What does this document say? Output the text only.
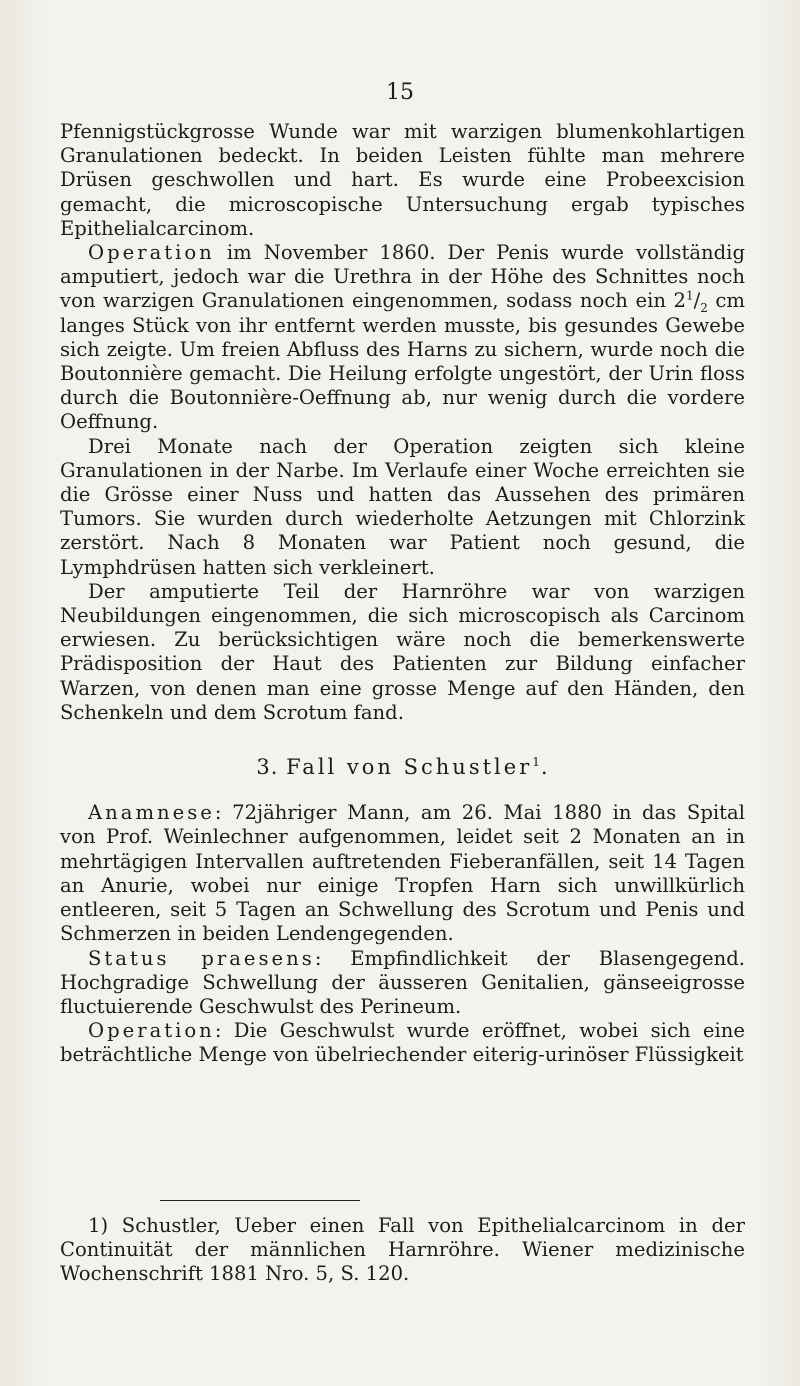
15

Pfennigstückgrosse Wunde war mit warzigen blumenkohlartigen Granulationen bedeckt. In beiden Leisten fühlte man mehrere Drüsen geschwollen und hart. Es wurde eine Probeexcision gemacht, die microscopische Untersuchung ergab typisches Epithelialcarcinom.

Operation im November 1860. Der Penis wurde vollständig amputiert, jedoch war die Urethra in der Höhe des Schnittes noch von warzigen Granulationen eingenommen, sodass noch ein $2^1/_2$ cm langes Stück von ihr entfernt werden musste, bis gesundes Gewebe sich zeigte. Um freien Abfluss des Harns zu sichern, wurde noch die Boutonnière gemacht. Die Heilung erfolgte ungestört, der Urin floss durch die Boutonnière-Oeffnung ab, nur wenig durch die vordere Oeffnung.

Drei Monate nach der Operation zeigten sich kleine Granulationen in der Narbe. Im Verlaufe einer Woche erreichten sie die Grösse einer Nuss und hatten das Aussehen des primären Tumors. Sie wurden durch wiederholte Aetzungen mit Chlorzink zerstört. Nach 8 Monaten war Patient noch gesund, die Lymphdrüsen hatten sich verkleinert.

Der amputierte Teil der Harnröhre war von warzigen Neubildungen eingenommen, die sich microscopisch als Carcinom erwiesen. Zu berücksichtigen wäre noch die bemerkenswerte Prädisposition der Haut des Patienten zur Bildung einfacher Warzen, von denen man eine grosse Menge auf den Händen, den Schenkeln und dem Scrotum fand.

3. Fall von Schustler$^1$.

Anamnese: 72jähriger Mann, am 26. Mai 1880 in das Spital von Prof. Weinlechner aufgenommen, leidet seit 2 Monaten an in mehrtägigen Intervallen auftretenden Fieberanfällen, seit 14 Tagen an Anurie, wobei nur einige Tropfen Harn sich unwillkürlich entleeren, seit 5 Tagen an Schwellung des Scrotum und Penis und Schmerzen in beiden Lendengegenden.

Status praesens: Empfindlichkeit der Blasengegend. Hochgradige Schwellung der äusseren Genitalien, gänseeigrosse fluctuierende Geschwulst des Perineum.

Operation: Die Geschwulst wurde eröffnet, wobei sich eine beträchtliche Menge von übelriechender eiterig-urinöser Flüssigkeit

1) Schustler, Ueber einen Fall von Epithelialcarcinom in der Continuität der männlichen Harnröhre. Wiener medizinische Wochenschrift 1881 Nro. 5, S. 120.
